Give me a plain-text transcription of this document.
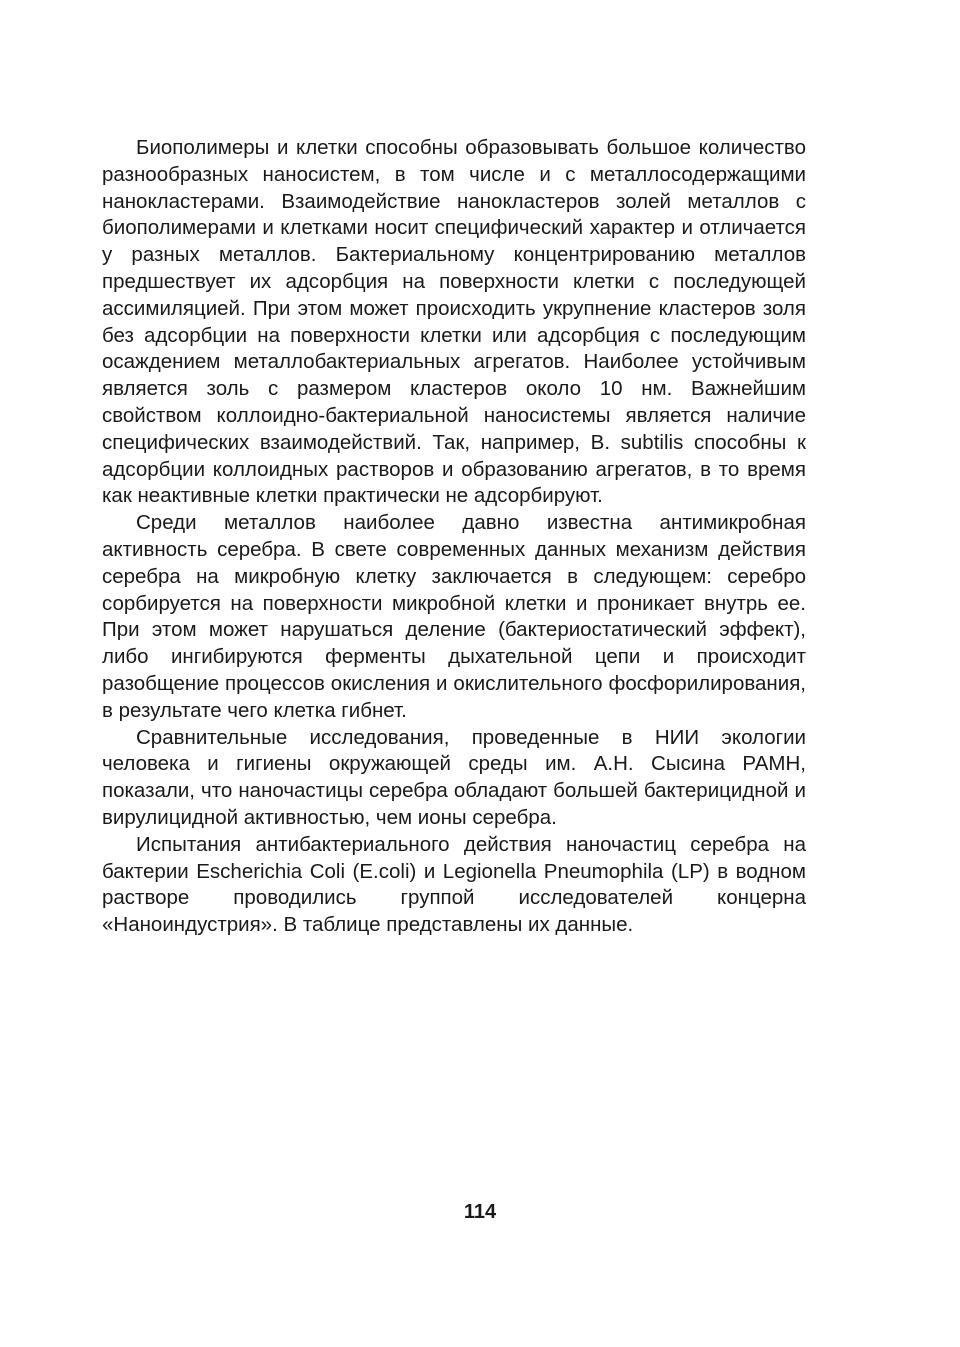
Биополимеры и клетки способны образовывать большое количество разнообразных наносистем, в том числе и с металлосодержащими нанокластерами. Взаимодействие нанокластеров золей металлов с биополимерами и клетками носит специфический характер и отличается у разных металлов. Бактериальному концентрированию металлов предшествует их адсорбция на поверхности клетки с последующей ассимиляцией. При этом может происходить укрупнение кластеров золя без адсорбции на поверхности клетки или адсорбция с последующим осаждением металлобактериальных агрегатов. Наиболее устойчивым является золь с размером кластеров около 10 нм. Важнейшим свойством коллоидно-бактериальной наносистемы является наличие специфических взаимодействий. Так, например, B. subtilis способны к адсорбции коллоидных растворов и образованию агрегатов, в то время как неактивные клетки практически не адсорбируют.

Среди металлов наиболее давно известна антимикробная активность серебра. В свете современных данных механизм действия серебра на микробную клетку заключается в следующем: серебро сорбируется на поверхности микробной клетки и проникает внутрь ее. При этом может нарушаться деление (бактериостатический эффект), либо ингибируются ферменты дыхательной цепи и происходит разобщение процессов окисления и окислительного фосфорилирования, в результате чего клетка гибнет.

Сравнительные исследования, проведенные в НИИ экологии человека и гигиены окружающей среды им. А.Н. Сысина РАМН, показали, что наночастицы серебра обладают большей бактерицидной и вирулицидной активностью, чем ионы серебра.

Испытания антибактериального действия наночастиц серебра на бактерии Escherichia Coli (E.coli) и Legionella Pneumophila (LP) в водном растворе проводились группой исследователей концерна «Наноиндустрия». В таблице представлены их данные.

114
